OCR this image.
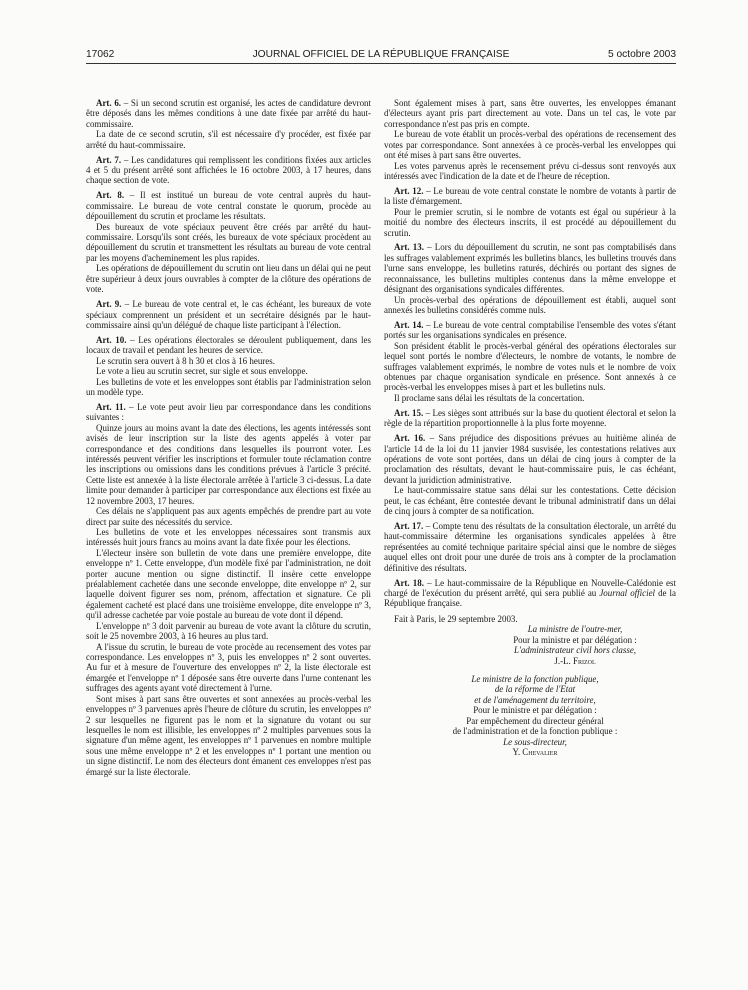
17062	JOURNAL OFFICIEL DE LA RÉPUBLIQUE FRANÇAISE	5 octobre 2003

Art. 6. – Si un second scrutin est organisé, les actes de candidature devront être déposés dans les mêmes conditions à une date fixée par arrêté du haut-commissaire.

La date de ce second scrutin, s'il est nécessaire d'y procéder, est fixée par arrêté du haut-commissaire.

Art. 7. – Les candidatures qui remplissent les conditions fixées aux articles 4 et 5 du présent arrêté sont affichées le 16 octobre 2003, à 17 heures, dans chaque section de vote.

Art. 8. – Il est institué un bureau de vote central auprès du haut-commissaire. Le bureau de vote central constate le quorum, procède au dépouillement du scrutin et proclame les résultats.

Des bureaux de vote spéciaux peuvent être créés par arrêté du haut-commissaire. Lorsqu'ils sont créés, les bureaux de vote spéciaux procèdent au dépouillement du scrutin et transmettent les résultats au bureau de vote central par les moyens d'acheminement les plus rapides.

Les opérations de dépouillement du scrutin ont lieu dans un délai qui ne peut être supérieur à deux jours ouvrables à compter de la clôture des opérations de vote.

Art. 9. – Le bureau de vote central et, le cas échéant, les bureaux de vote spéciaux comprennent un président et un secrétaire désignés par le haut-commissaire ainsi qu'un délégué de chaque liste participant à l'élection.

Art. 10. – Les opérations électorales se déroulent publiquement, dans les locaux de travail et pendant les heures de service.

Le scrutin sera ouvert à 8 h 30 et clos à 16 heures.

Le vote a lieu au scrutin secret, sur sigle et sous enveloppe.

Les bulletins de vote et les enveloppes sont établis par l'administration selon un modèle type.

Art. 11. – Le vote peut avoir lieu par correspondance dans les conditions suivantes :

Quinze jours au moins avant la date des élections, les agents intéressés sont avisés de leur inscription sur la liste des agents appelés à voter par correspondance et des conditions dans lesquelles ils pourront voter. Les intéressés peuvent vérifier les inscriptions et formuler toute réclamation contre les inscriptions ou omissions dans les conditions prévues à l'article 3 précité. Cette liste est annexée à la liste électorale arrêtée à l'article 3 ci-dessus. La date limite pour demander à participer par correspondance aux élections est fixée au 12 novembre 2003, 17 heures.

Ces délais ne s'appliquent pas aux agents empêchés de prendre part au vote direct par suite des nécessités du service.

Les bulletins de vote et les enveloppes nécessaires sont transmis aux intéressés huit jours francs au moins avant la date fixée pour les élections.

L'électeur insère son bulletin de vote dans une première enveloppe, dite enveloppe nº 1. Cette enveloppe, d'un modèle fixé par l'administration, ne doit porter aucune mention ou signe distinctif. Il insère cette enveloppe préalablement cachetée dans une seconde enveloppe, dite enveloppe nº 2, sur laquelle doivent figurer ses nom, prénom, affectation et signature. Ce pli également cacheté est placé dans une troisième enveloppe, dite enveloppe nº 3, qu'il adresse cachetée par voie postale au bureau de vote dont il dépend.

L'enveloppe nº 3 doit parvenir au bureau de vote avant la clôture du scrutin, soit le 25 novembre 2003, à 16 heures au plus tard.

A l'issue du scrutin, le bureau de vote procède au recensement des votes par correspondance. Les enveloppes nº 3, puis les enveloppes nº 2 sont ouvertes. Au fur et à mesure de l'ouverture des enveloppes nº 2, la liste électorale est émargée et l'enveloppe nº 1 déposée sans être ouverte dans l'urne contenant les suffrages des agents ayant voté directement à l'urne.

Sont mises à part sans être ouvertes et sont annexées au procès-verbal les enveloppes nº 3 parvenues après l'heure de clôture du scrutin, les enveloppes nº 2 sur lesquelles ne figurent pas le nom et la signature du votant ou sur lesquelles le nom est illisible, les enveloppes nº 2 multiples parvenues sous la signature d'un même agent, les enveloppes nº 1 parvenues en nombre multiple sous une même enveloppe nº 2 et les enveloppes nº 1 portant une mention ou un signe distinctif. Le nom des électeurs dont émanent ces enveloppes n'est pas émargé sur la liste électorale.

Sont également mises à part, sans être ouvertes, les enveloppes émanant d'électeurs ayant pris part directement au vote. Dans un tel cas, le vote par correspondance n'est pas pris en compte.

Le bureau de vote établit un procès-verbal des opérations de recensement des votes par correspondance. Sont annexées à ce procès-verbal les enveloppes qui ont été mises à part sans être ouvertes.

Les votes parvenus après le recensement prévu ci-dessus sont renvoyés aux intéressés avec l'indication de la date et de l'heure de réception.

Art. 12. – Le bureau de vote central constate le nombre de votants à partir de la liste d'émargement.

Pour le premier scrutin, si le nombre de votants est égal ou supérieur à la moitié du nombre des électeurs inscrits, il est procédé au dépouillement du scrutin.

Art. 13. – Lors du dépouillement du scrutin, ne sont pas comptabilisés dans les suffrages valablement exprimés les bulletins blancs, les bulletins trouvés dans l'urne sans enveloppe, les bulletins raturés, déchirés ou portant des signes de reconnaissance, les bulletins multiples contenus dans la même enveloppe et désignant des organisations syndicales différentes.

Un procès-verbal des opérations de dépouillement est établi, auquel sont annexés les bulletins considérés comme nuls.

Art. 14. – Le bureau de vote central comptabilise l'ensemble des votes s'étant portés sur les organisations syndicales en présence.

Son président établit le procès-verbal général des opérations électorales sur lequel sont portés le nombre d'électeurs, le nombre de votants, le nombre de suffrages valablement exprimés, le nombre de votes nuls et le nombre de voix obtenues par chaque organisation syndicale en présence. Sont annexés à ce procès-verbal les enveloppes mises à part et les bulletins nuls.

Il proclame sans délai les résultats de la concertation.

Art. 15. – Les sièges sont attribués sur la base du quotient électoral et selon la règle de la répartition proportionnelle à la plus forte moyenne.

Art. 16. – Sans préjudice des dispositions prévues au huitième alinéa de l'article 14 de la loi du 11 janvier 1984 susvisée, les contestations relatives aux opérations de vote sont portées, dans un délai de cinq jours à compter de la proclamation des résultats, devant le haut-commissaire puis, le cas échéant, devant la juridiction administrative.

Le haut-commissaire statue sans délai sur les contestations. Cette décision peut, le cas échéant, être contestée devant le tribunal administratif dans un délai de cinq jours à compter de sa notification.

Art. 17. – Compte tenu des résultats de la consultation électorale, un arrêté du haut-commissaire détermine les organisations syndicales appelées à être représentées au comité technique paritaire spécial ainsi que le nombre de sièges auquel elles ont droit pour une durée de trois ans à compter de la proclamation définitive des résultats.

Art. 18. – Le haut-commissaire de la République en Nouvelle-Calédonie est chargé de l'exécution du présent arrêté, qui sera publié au Journal officiel de la République française.

Fait à Paris, le 29 septembre 2003.

La ministre de l'outre-mer,

Pour la ministre et par délégation :

L'administrateur civil hors classe,

J.-L. Frizol

Le ministre de la fonction publique,

de la réforme de l'Etat

et de l'aménagement du territoire,

Pour le ministre et par délégation :

Par empêchement du directeur général

de l'administration et de la fonction publique :

Le sous-directeur,

Y. Chevalier
